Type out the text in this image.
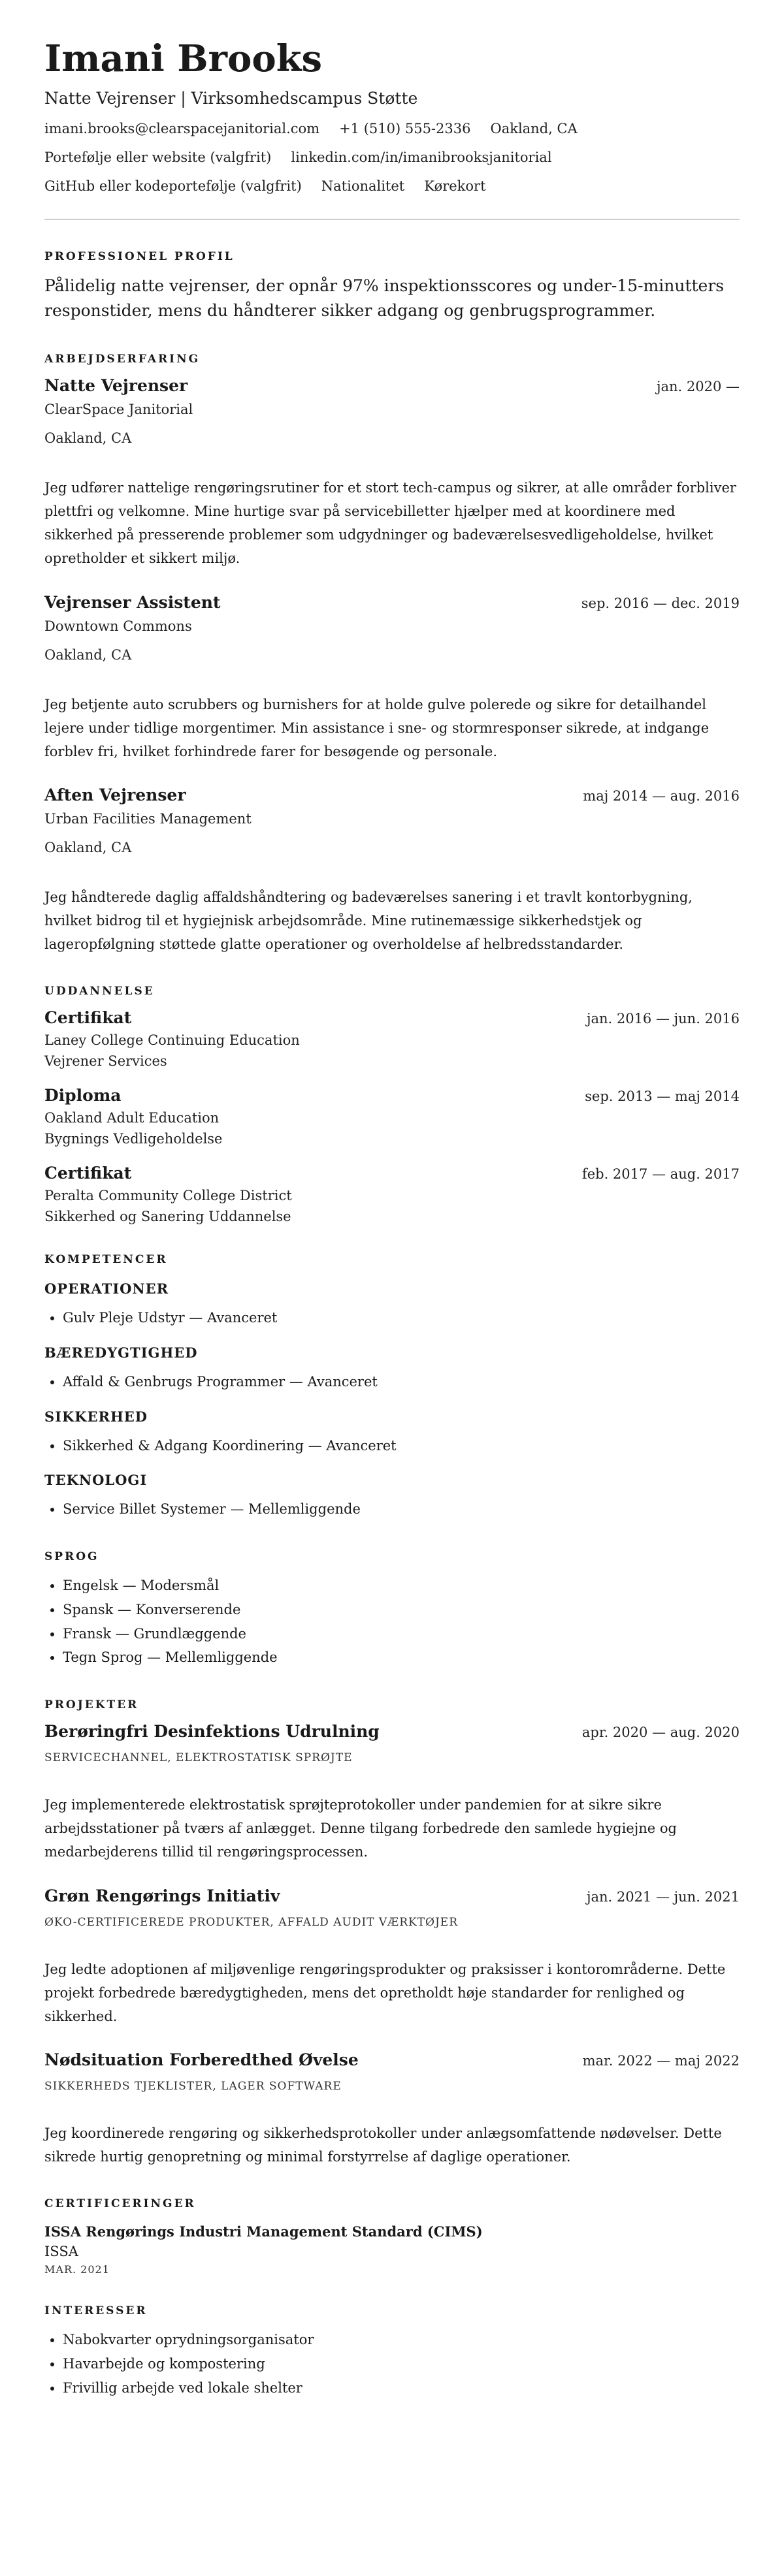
Imani Brooks
Natte Vejrenser | Virksomhedscampus Støtte
imani.brooks@clearspacejanitorial.com +1 (510) 555-2336 Oakland, CA
Portefølje eller website (valgfrit) linkedin.com/in/imanibrooksjanitorial
GitHub eller kodeportefølje (valgfrit) Nationalitet Kørekort
PROFESSIONEL PROFIL
Pålidelig natte vejrenser, der opnår 97% inspektionsscores og under-15-minutters responstider, mens du håndterer sikker adgang og genbrugsprogrammer.
ARBEJDSERFARING
Natte Vejrenser	jan. 2020 —
ClearSpace Janitorial
Oakland, CA
Jeg udfører nattelige rengøringsrutiner for et stort tech-campus og sikrer, at alle områder forbliver plettfri og velkomne. Mine hurtige svar på servicebilletter hjælper med at koordinere med sikkerhed på presserende problemer som udgydninger og badeværelsesvedligeholdelse, hvilket opretholder et sikkert miljø.
Vejrenser Assistent	sep. 2016 — dec. 2019
Downtown Commons
Oakland, CA
Jeg betjente auto scrubbers og burnishers for at holde gulve polerede og sikre for detailhandel lejere under tidlige morgentimer. Min assistance i sne- og stormresponser sikrede, at indgange forblev fri, hvilket forhindrede farer for besøgende og personale.
Aften Vejrenser	maj 2014 — aug. 2016
Urban Facilities Management
Oakland, CA
Jeg håndterede daglig affaldshåndtering og badeværelses sanering i et travlt kontorbygning, hvilket bidrog til et hygiejnisk arbejdsområde. Mine rutinemæssige sikkerhedstjek og lageropfølgning støttede glatte operationer og overholdelse af helbredsstandarder.
UDDANNELSE
Certifikat	jan. 2016 — jun. 2016
Laney College Continuing Education
Vejrener Services
Diploma	sep. 2013 — maj 2014
Oakland Adult Education
Bygnings Vedligeholdelse
Certifikat	feb. 2017 — aug. 2017
Peralta Community College District
Sikkerhed og Sanering Uddannelse
KOMPETENCER
OPERATIONER
• Gulv Pleje Udstyr — Avanceret
BÆREDYGTIGHED
• Affald & Genbrugs Programmer — Avanceret
SIKKERHED
• Sikkerhed & Adgang Koordinering — Avanceret
TEKNOLOGI
• Service Billet Systemer — Mellemliggende
SPROG
• Engelsk — Modersmål
• Spansk — Konverserende
• Fransk — Grundlæggende
• Tegn Sprog — Mellemliggende
PROJEKTER
Berøringfri Desinfektions Udrulning	apr. 2020 — aug. 2020
SERVICECHANNEL, ELEKTROSTATISK SPRØJTE
Jeg implementerede elektrostatisk sprøjteprotokoller under pandemien for at sikre sikre arbejdsstationer på tværs af anlægget. Denne tilgang forbedrede den samlede hygiejne og medarbejderens tillid til rengøringsprocessen.
Grøn Rengørings Initiativ	jan. 2021 — jun. 2021
ØKO-CERTIFICEREDE PRODUKTER, AFFALD AUDIT VÆRKTØJER
Jeg ledte adoptionen af miljøvenlige rengøringsprodukter og praksisser i kontorområderne. Dette projekt forbedrede bæredygtigheden, mens det opretholdt høje standarder for renlighed og sikkerhed.
Nødsituation Forberedthed Øvelse	mar. 2022 — maj 2022
SIKKERHEDS TJEKLISTER, LAGER SOFTWARE
Jeg koordinerede rengøring og sikkerhedsprotokoller under anlægsomfattende nødøvelser. Dette sikrede hurtig genopretning og minimal forstyrrelse af daglige operationer.
CERTIFICERINGER
ISSA Rengørings Industri Management Standard (CIMS)
ISSA
MAR. 2021
INTERESSER
• Nabokvarter oprydningsorganisator
• Havarbejde og kompostering
• Frivillig arbejde ved lokale shelter
